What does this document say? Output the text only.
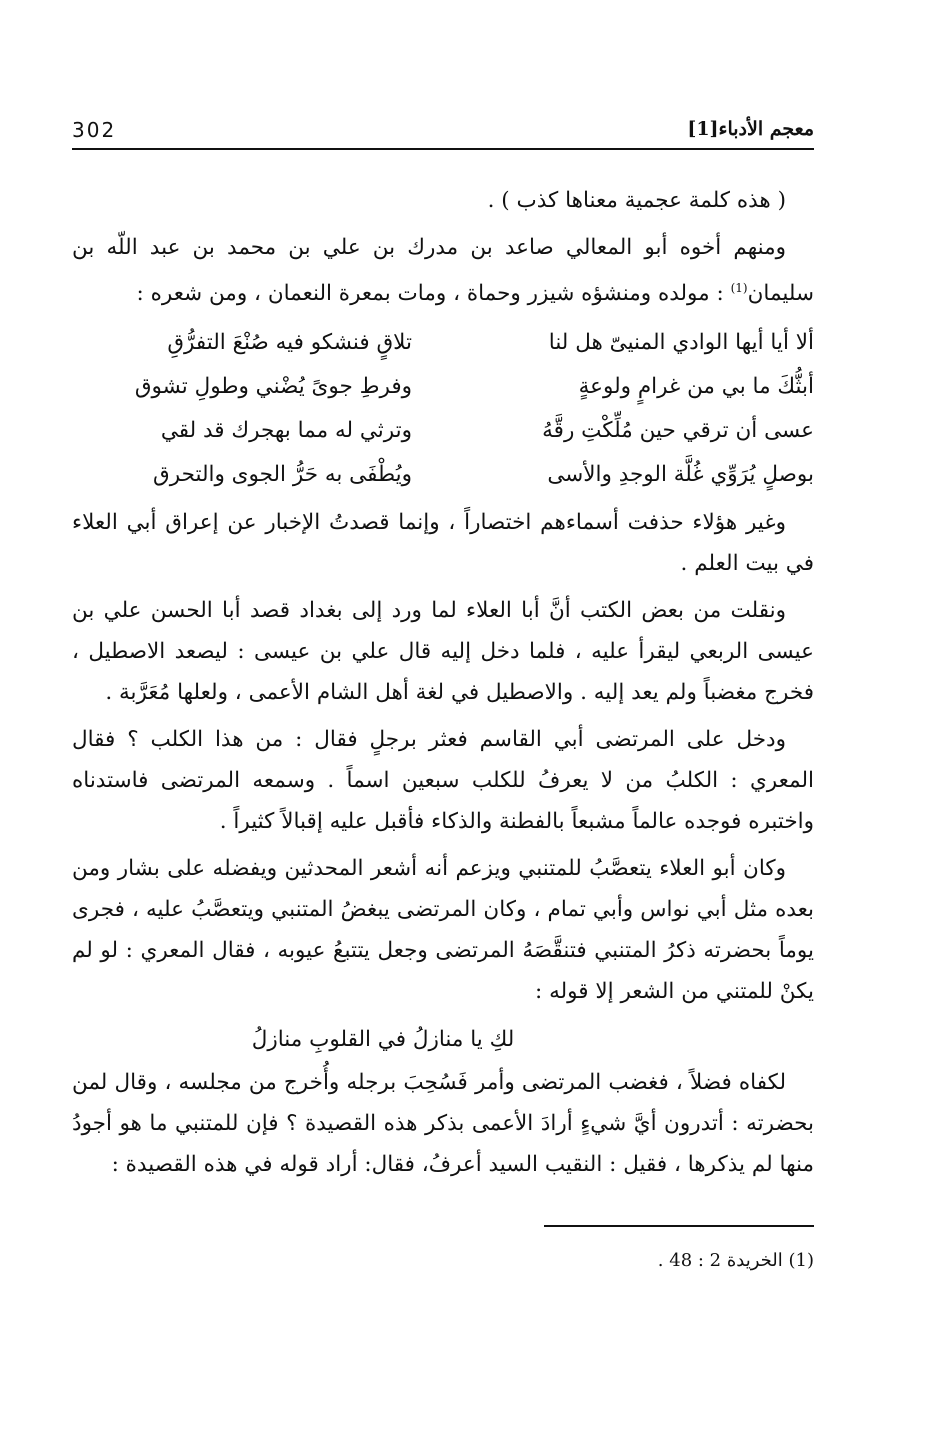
معجم الأدباء[1]
302

( هذه كلمة عجمية معناها كذب ) .

ومنهم أخوه أبو المعالي صاعد بن مدرك بن علي بن محمد بن عبد اللّه بن سليمان$^{(1)}$ : مولده ومنشؤه شيزر وحماة ، ومات بمعرة النعمان ، ومن شعره :

ألا أيا أيها الوادي المنيىّ هل لنا
تلاقٍ فنشكو فيه صُنْعَ التفرُّقِ
أبثُّكَ ما بي من غرامٍ ولوعةٍ
وفرطِ جوىً يُضْني وطولِ تشوق
عسى أن ترقي حين مُلِّكْتِ رقَّهُ
وترثي له مما بهجرك قد لقي
بوصلٍ يُرَوِّي غُلَّة الوجدِ والأسى
ويُطْفَى به حَرُّ الجوى والتحرق

وغير هؤلاء حذفت أسماءهم اختصاراً ، وإنما قصدتُ الإخبار عن إعراق أبي العلاء في بيت العلم .

ونقلت من بعض الكتب أنَّ أبا العلاء لما ورد إلى بغداد قصد أبا الحسن علي بن عيسى الربعي ليقرأ عليه ، فلما دخل إليه قال علي بن عيسى : ليصعد الاصطيل ، فخرج مغضباً ولم يعد إليه . والاصطيل في لغة أهل الشام الأعمى ، ولعلها مُعَرَّبة .

ودخل على المرتضى أبي القاسم فعثر برجلٍ فقال : من هذا الكلب ؟ فقال المعري : الكلبُ من لا يعرفُ للكلب سبعين اسماً . وسمعه المرتضى فاستدناه واختبره فوجده عالماً مشبعاً بالفطنة والذكاء فأقبل عليه إقبالاً كثيراً .

وكان أبو العلاء يتعصَّبُ للمتنبي ويزعم أنه أشعر المحدثين ويفضله على بشار ومن بعده مثل أبي نواس وأبي تمام ، وكان المرتضى يبغضُ المتنبي ويتعصَّبُ عليه ، فجرى يوماً بحضرته ذكرُ المتنبي فتنقَّصَهُ المرتضى وجعل يتتبعُ عيوبه ، فقال المعري : لو لم يكنْ للمتني من الشعر إلا قوله :

لكِ يا منازلُ في القلوبِ منازلُ

لكفاه فضلاً ، فغضب المرتضى وأمر فَسُحِبَ برجله وأُخرج من مجلسه ، وقال لمن بحضرته : أتدرون أيَّ شيءٍ أرادَ الأعمى بذكر هذه القصيدة ؟ فإن للمتنبي ما هو أجودُ منها لم يذكرها ، فقيل : النقيب السيد أعرفُ، فقال: أراد قوله في هذه القصيدة :

(1) الخريدة 2 : 48 .
